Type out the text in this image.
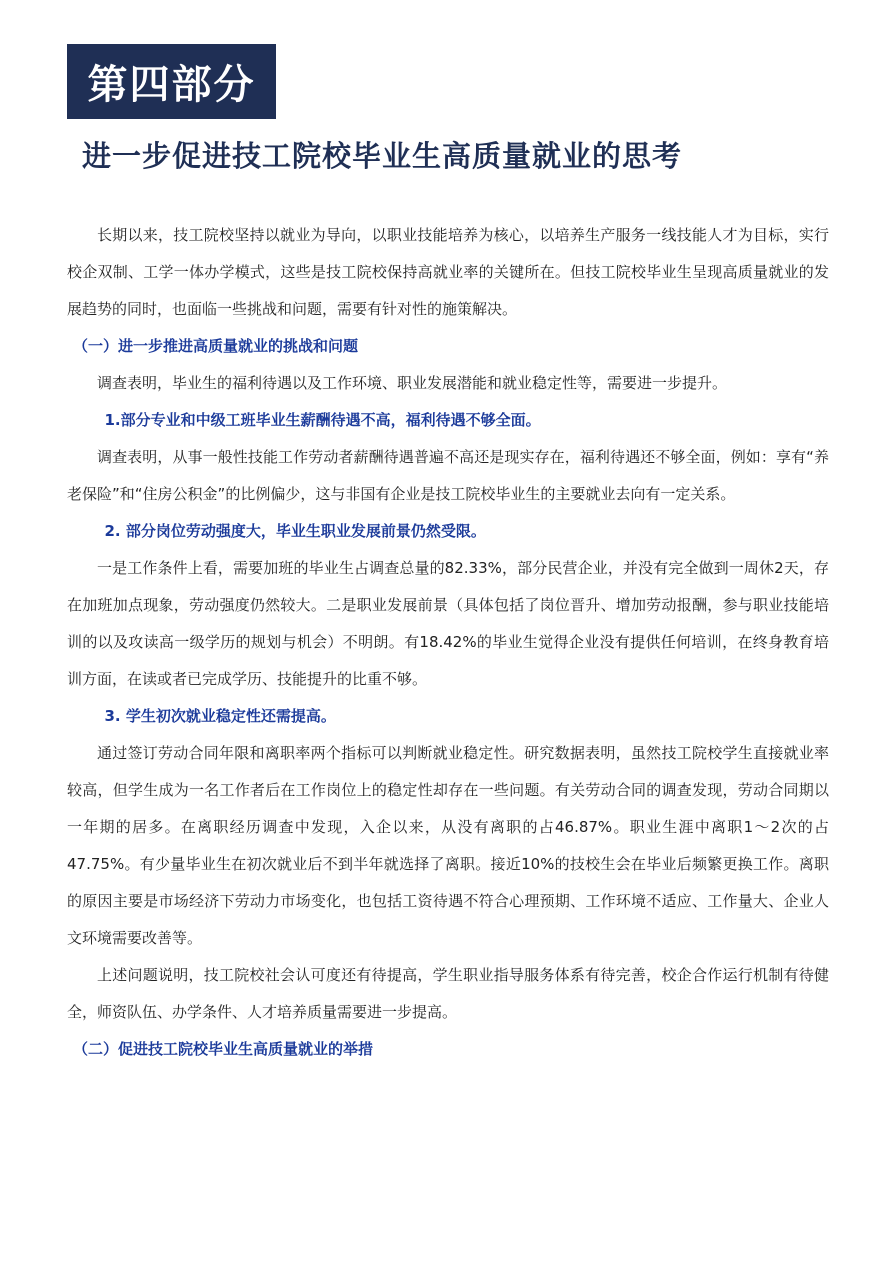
第四部分
进一步促进技工院校毕业生高质量就业的思考

长期以来，技工院校坚持以就业为导向，以职业技能培养为核心，以培养生产服务一线技能人才为目标，实行校企双制、工学一体办学模式，这些是技工院校保持高就业率的关键所在。但技工院校毕业生呈现高质量就业的发展趋势的同时，也面临一些挑战和问题，需要有针对性的施策解决。

（一）进一步推进高质量就业的挑战和问题

调查表明，毕业生的福利待遇以及工作环境、职业发展潜能和就业稳定性等，需要进一步提升。

1.部分专业和中级工班毕业生薪酬待遇不高，福利待遇不够全面。

调查表明，从事一般性技能工作劳动者薪酬待遇普遍不高还是现实存在，福利待遇还不够全面，例如：享有“养老保险”和“住房公积金”的比例偏少，这与非国有企业是技工院校毕业生的主要就业去向有一定关系。

2. 部分岗位劳动强度大，毕业生职业发展前景仍然受限。

一是工作条件上看，需要加班的毕业生占调查总量的82.33%，部分民营企业，并没有完全做到一周休2天，存在加班加点现象，劳动强度仍然较大。二是职业发展前景（具体包括了岗位晋升、增加劳动报酬，参与职业技能培训的以及攻读高一级学历的规划与机会）不明朗。有18.42%的毕业生觉得企业没有提供任何培训，在终身教育培训方面，在读或者已完成学历、技能提升的比重不够。

3. 学生初次就业稳定性还需提高。

通过签订劳动合同年限和离职率两个指标可以判断就业稳定性。研究数据表明，虽然技工院校学生直接就业率较高，但学生成为一名工作者后在工作岗位上的稳定性却存在一些问题。有关劳动合同的调查发现，劳动合同期以一年期的居多。在离职经历调查中发现，入企以来，从没有离职的占46.87%。职业生涯中离职1～2次的占47.75%。有少量毕业生在初次就业后不到半年就选择了离职。接近10%的技校生会在毕业后频繁更换工作。离职的原因主要是市场经济下劳动力市场变化，也包括工资待遇不符合心理预期、工作环境不适应、工作量大、企业人文环境需要改善等。

上述问题说明，技工院校社会认可度还有待提高，学生职业指导服务体系有待完善，校企合作运行机制有待健全，师资队伍、办学条件、人才培养质量需要进一步提高。

（二）促进技工院校毕业生高质量就业的举措
